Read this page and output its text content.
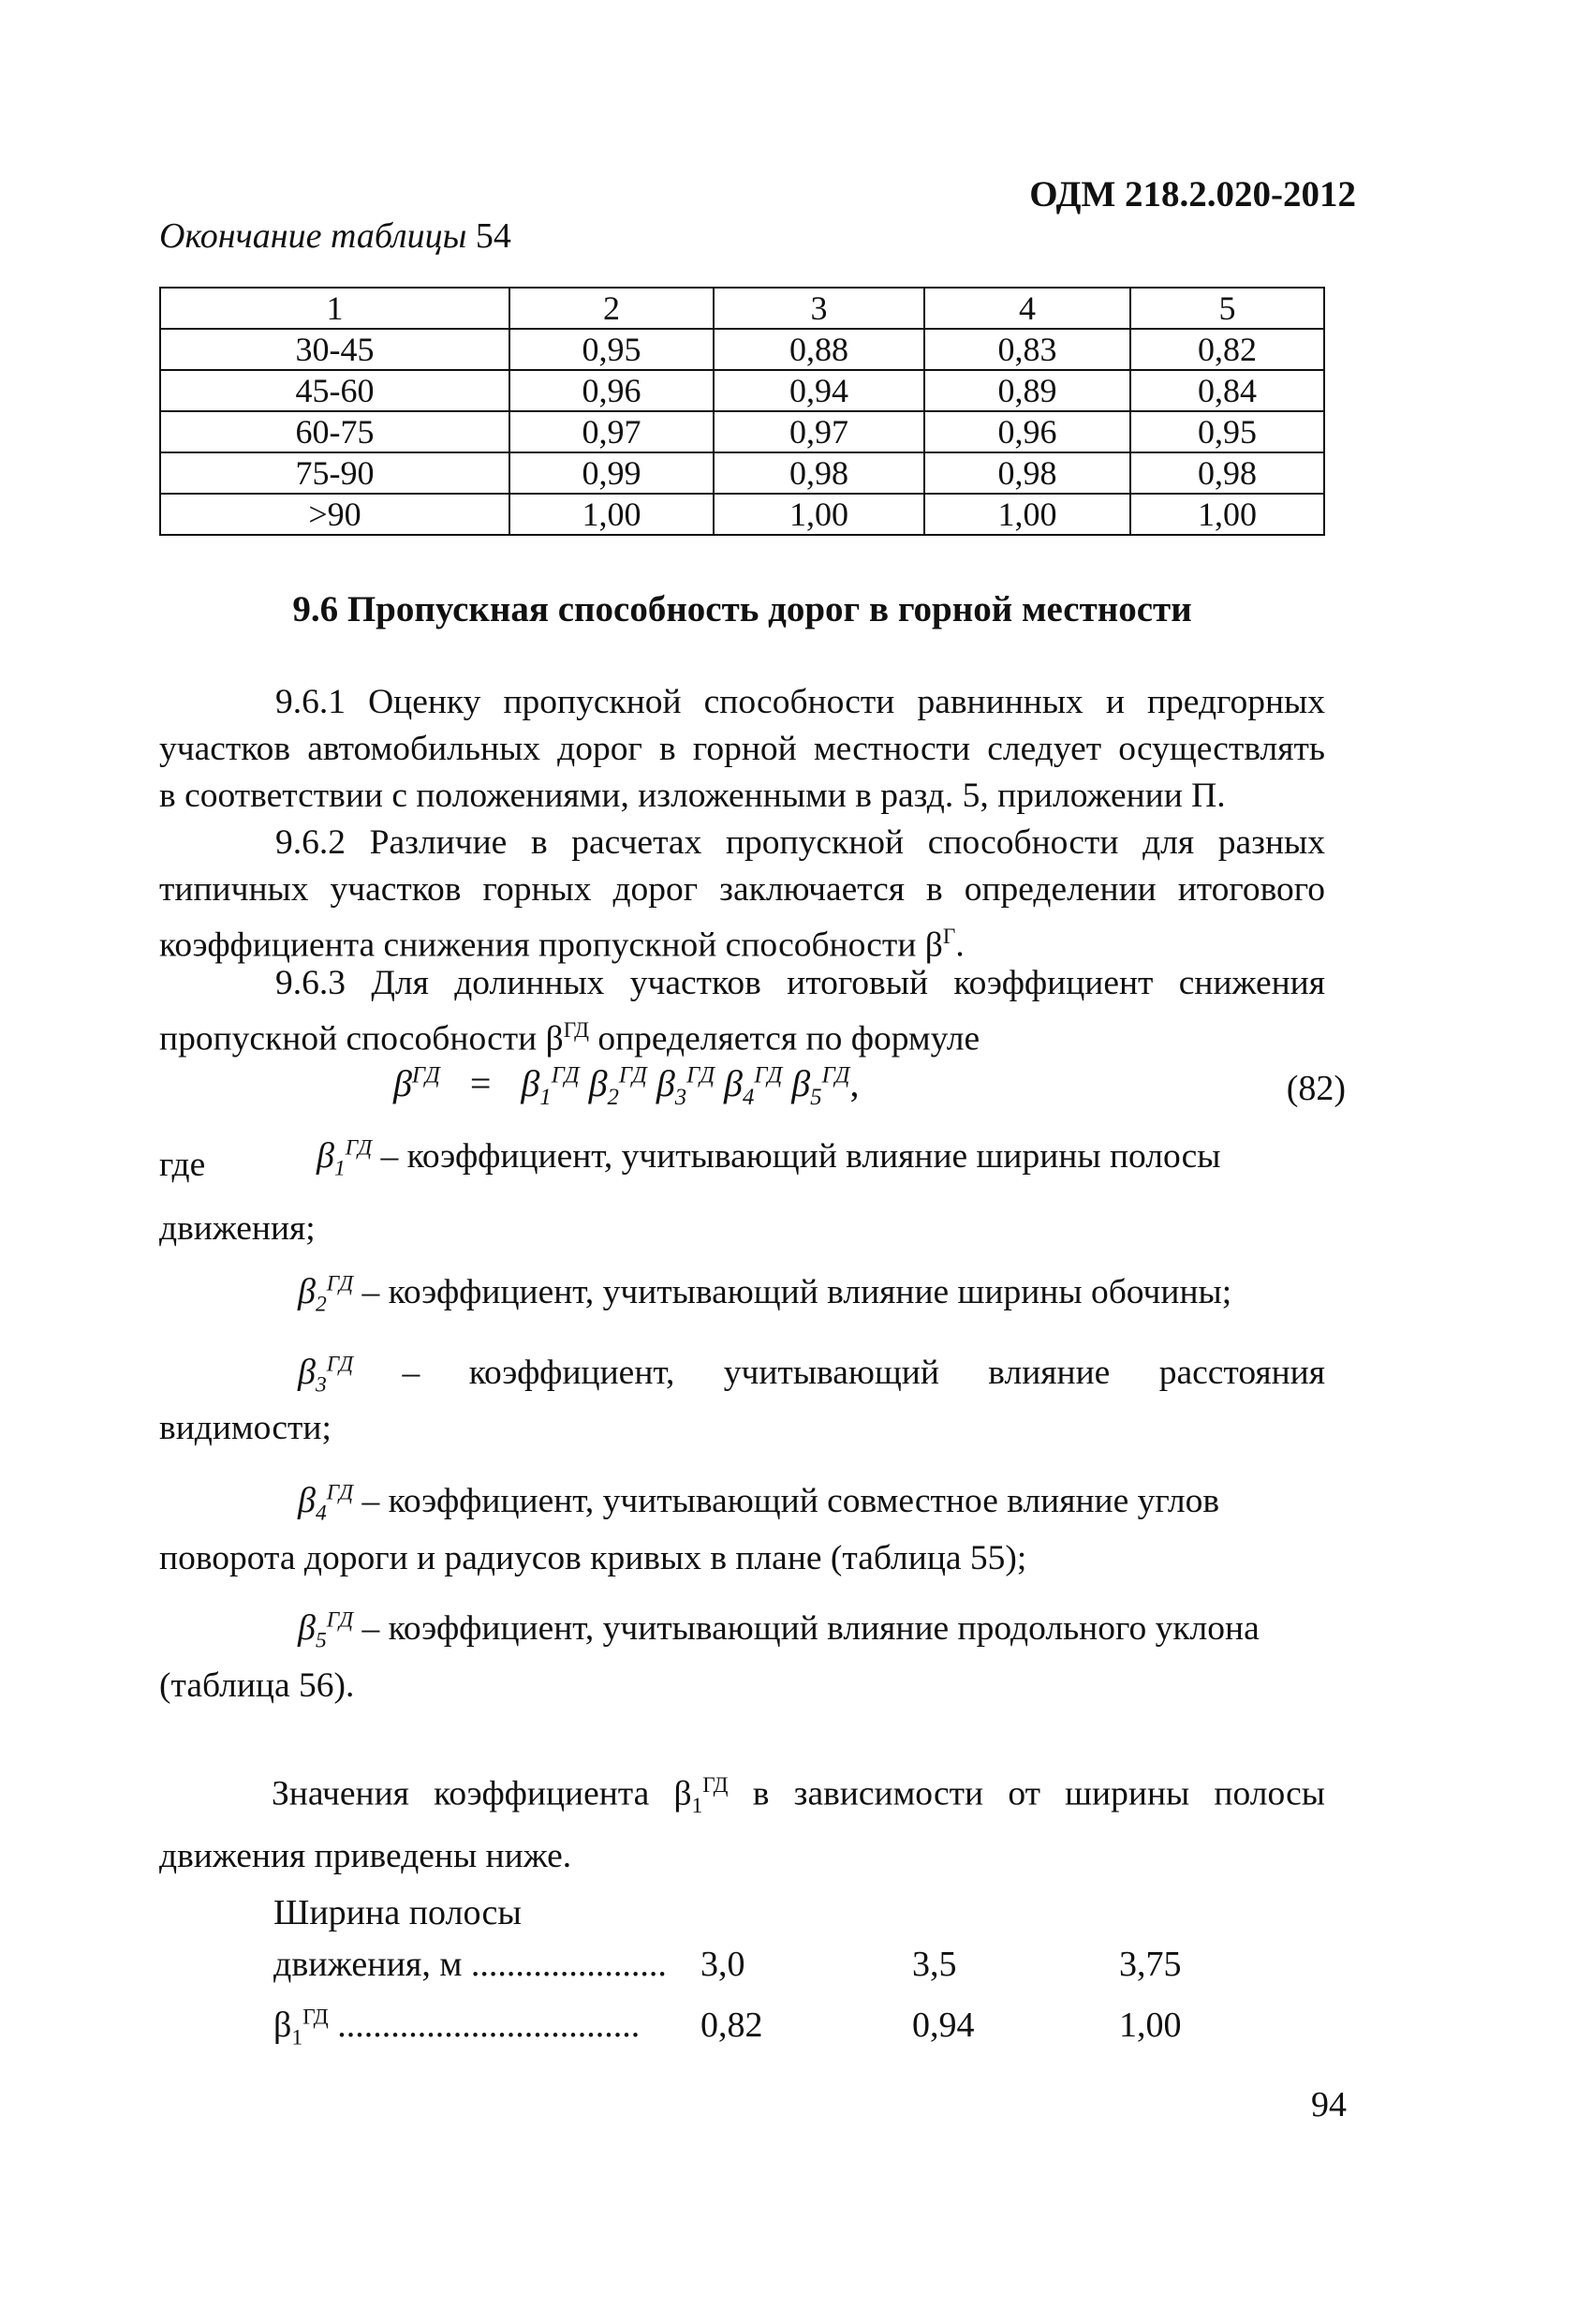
ОДМ 218.2.020-2012
Окончание таблицы 54
1	2	3	4	5
30-45	0,95	0,88	0,83	0,82
45-60	0,96	0,94	0,89	0,84
60-75	0,97	0,97	0,96	0,95
75-90	0,99	0,98	0,98	0,98
>90	1,00	1,00	1,00	1,00
9.6 Пропускная способность дорог в горной местности
9.6.1 Оценку пропускной способности равнинных и предгорных
участков автомобильных дорог в горной местности следует осуществлять
в соответствии с положениями, изложенными в разд. 5, приложении П.
9.6.2 Различие в расчетах пропускной способности для разных
типичных участков горных дорог заключается в определении итогового
коэффициента снижения пропускной способности $\beta^Г$.
9.6.3 Для долинных участков итоговый коэффициент снижения
пропускной способности $\beta^{ГД}$ определяется по формуле
$\beta^{ГД} = \beta_1^{ГД}$ $\beta_2^{ГД}$ $\beta_3^{ГД}$ $\beta_4^{ГД}$ $\beta_5^{ГД}$,	(82)
где	$\beta_1^{ГД}$ – коэффициент, учитывающий влияние ширины полосы
движения;
$\beta_2^{ГД}$ – коэффициент, учитывающий влияние ширины обочины;
$\beta_3^{ГД}$ – коэффициент, учитывающий влияние расстояния
видимости;
$\beta_4^{ГД}$ – коэффициент, учитывающий совместное влияние углов
поворота дороги и радиусов кривых в плане (таблица 55);
$\beta_5^{ГД}$ – коэффициент, учитывающий влияние продольного уклона
(таблица 56).
Значения коэффициента $\beta_1^{ГД}$ в зависимости от ширины полосы
движения приведены ниже.
Ширина полосы
движения, м ...................... 3,0	3,5	3,75
$\beta_1^{ГД}$ .................................. 0,82	0,94	1,00
94
